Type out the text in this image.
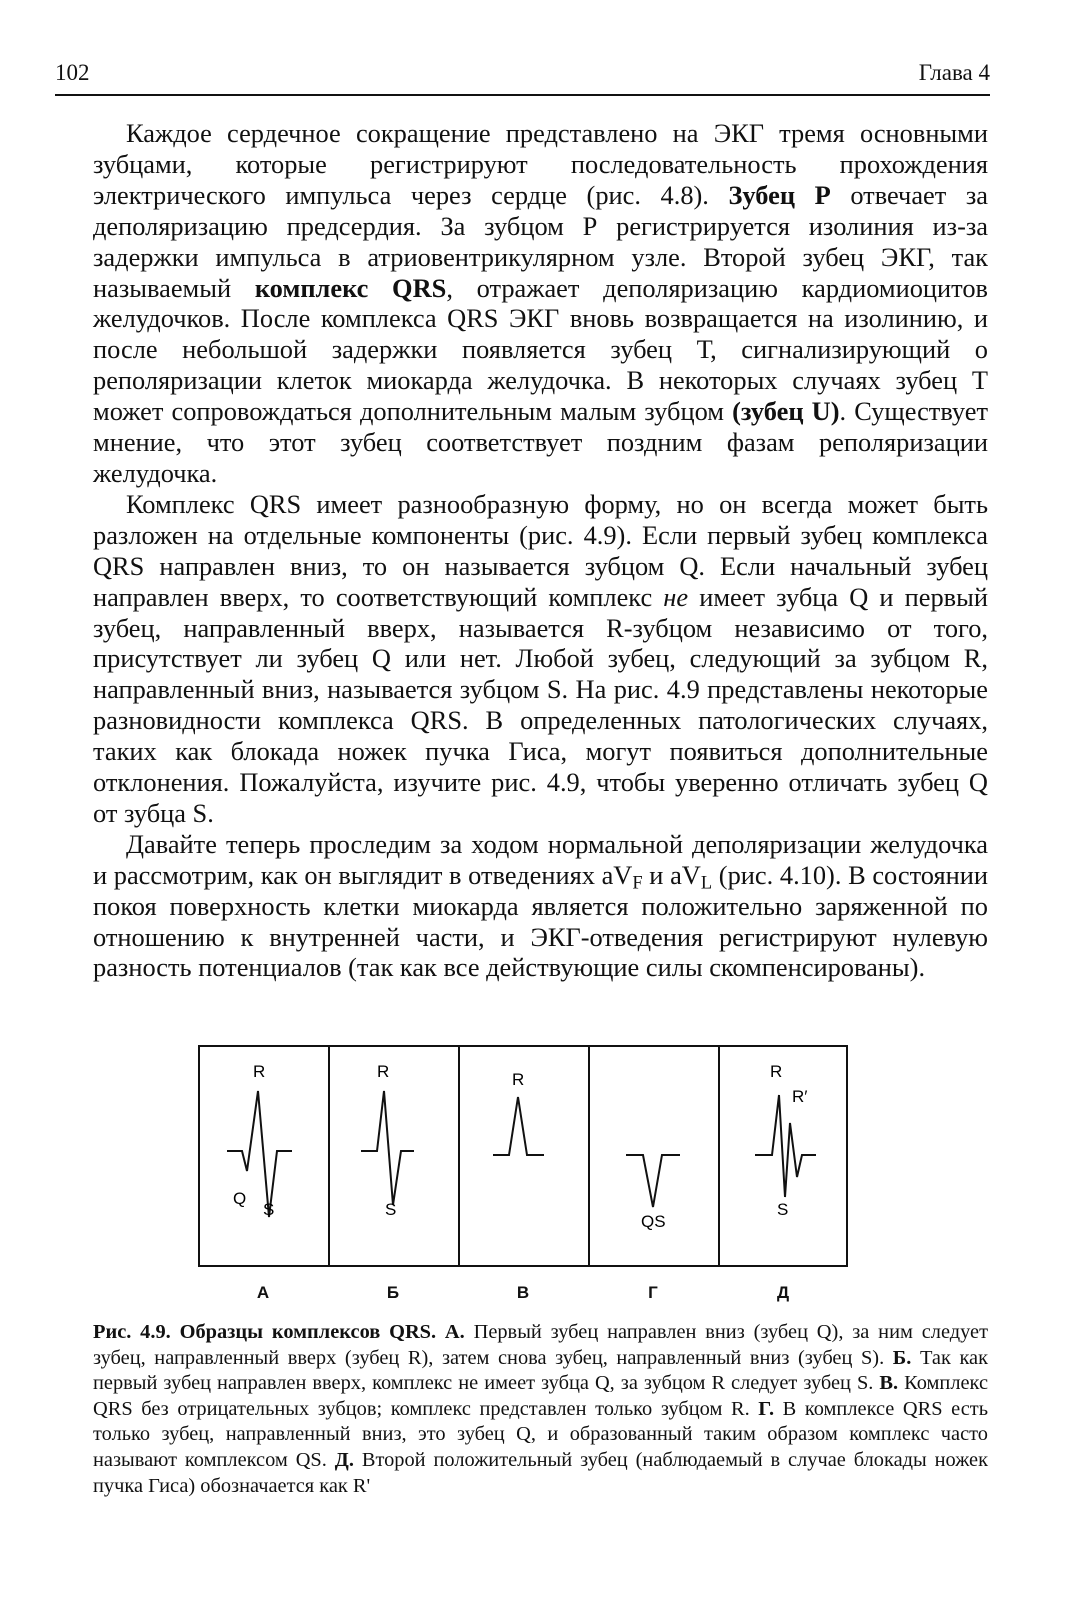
102	Глава 4

Каждое сердечное сокращение представлено на ЭКГ тремя основными зубцами, которые регистрируют последовательность прохождения электрического импульса через сердце (рис. 4.8). Зубец Р отвечает за деполяризацию предсердия. За зубцом Р регистрируется изолиния из-за задержки импульса в атриовентрикулярном узле. Второй зубец ЭКГ, так называемый комплекс QRS, отражает деполяризацию кардиомиоцитов желудочков. После комплекса QRS ЭКГ вновь возвращается на изолинию, и после небольшой задержки появляется зубец Т, сигнализирующий о реполяризации клеток миокарда желудочка. В некоторых случаях зубец Т может сопровождаться дополнительным малым зубцом (зубец U). Существует мнение, что этот зубец соответствует поздним фазам реполяризации желудочка.

Комплекс QRS имеет разнообразную форму, но он всегда может быть разложен на отдельные компоненты (рис. 4.9). Если первый зубец комплекса QRS направлен вниз, то он называется зубцом Q. Если начальный зубец направлен вверх, то соответствующий комплекс не имеет зубца Q и первый зубец, направленный вверх, называется R-зубцом независимо от того, присутствует ли зубец Q или нет. Любой зубец, следующий за зубцом R, направленный вниз, называется зубцом S. На рис. 4.9 представлены некоторые разновидности комплекса QRS. В определенных патологических случаях, таких как блокада ножек пучка Гиса, могут появиться дополнительные отклонения. Пожалуйста, изучите рис. 4.9, чтобы уверенно отличать зубец Q от зубца S.

Давайте теперь проследим за ходом нормальной деполяризации желудочка и рассмотрим, как он выглядит в отведениях $aV_F$ и $aV_L$ (рис. 4.10). В состоянии покоя поверхность клетки миокарда является положительно заряженной по отношению к внутренней части, и ЭКГ-отведения регистрируют нулевую разность потенциалов (так как все действующие силы скомпенсированы).

R
Q
S
R
S
R
QS
R
R′
S
А	Б	В	Г	Д

Рис. 4.9. Образцы комплексов QRS. А. Первый зубец направлен вниз (зубец Q), за ним следует зубец, направленный вверх (зубец R), затем снова зубец, направленный вниз (зубец S). Б. Так как первый зубец направлен вверх, комплекс не имеет зубца Q, за зубцом R следует зубец S. В. Комплекс QRS без отрицательных зубцов; комплекс представлен только зубцом R. Г. В комплексе QRS есть только зубец, направленный вниз, это зубец Q, и образованный таким образом комплекс часто называют комплексом QS. Д. Второй положительный зубец (наблюдаемый в случае блокады ножек пучка Гиса) обозначается как R'
